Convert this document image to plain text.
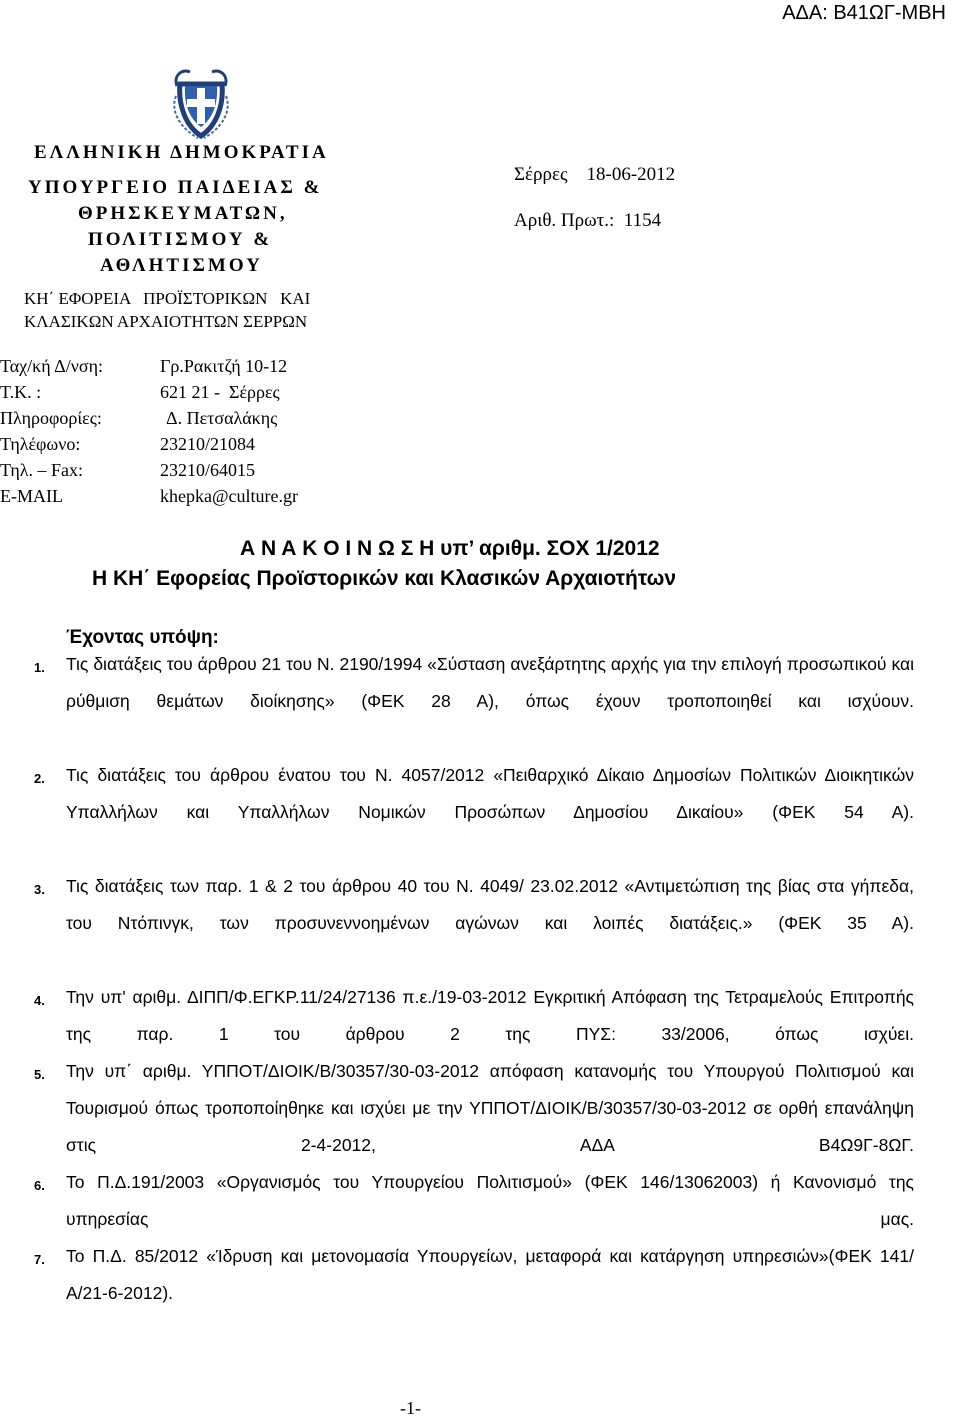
ΑΔΑ: Β41ΩΓ-ΜΒΗ
ΕΛΛΗΝΙΚΗ ΔΗΜΟΚΡΑΤΙΑ
ΥΠΟΥΡΓΕΙΟ ΠΑΙΔΕΙΑΣ &
ΘΡΗΣΚΕΥΜΑΤΩΝ,
ΠΟΛΙΤΙΣΜΟΥ &
ΑΘΛΗΤΙΣΜΟΥ
ΚΗ΄ ΕΦΟΡΕΙΑ   ΠΡΟΪΣΤΟΡΙΚΩΝ   ΚΑΙ
ΚΛΑΣΙΚΩΝ ΑΡΧΑΙΟΤΗΤΩΝ ΣΕΡΡΩΝ
Σέρρες    18-06-2012
Αριθ. Πρωτ.:  1154
Ταχ/κή Δ/νση:	Γρ.Ρακιτζή 10-12
Τ.Κ. :	621 21 -  Σέρρες
Πληροφορίες:	Δ. Πετσαλάκης
Τηλέφωνο:	23210/21084
Τηλ. – Fax:	23210/64015
E-MAIL	khepka@culture.gr
Α Ν Α Κ Ο Ι Ν Ω Σ Η υπ’ αριθμ. ΣΟΧ 1/2012
Η ΚΗ΄ Εφορείας Προϊστορικών και Κλασικών Αρχαιοτήτων
Έχοντας υπόψη:
1. Τις διατάξεις του άρθρου 21 του Ν. 2190/1994 «Σύσταση ανεξάρτητης αρχής για την επιλογή προσωπικού και ρύθμιση θεμάτων διοίκησης» (ΦΕΚ 28 Α), όπως έχουν τροποποιηθεί και ισχύουν.
2. Τις διατάξεις του άρθρου ένατου του Ν. 4057/2012 «Πειθαρχικό Δίκαιο Δημοσίων Πολιτικών Διοικητικών Υπαλλήλων και Υπαλλήλων Νομικών Προσώπων Δημοσίου Δικαίου» (ΦΕΚ 54 Α).
3. Τις διατάξεις των παρ. 1 & 2 του άρθρου 40 του Ν. 4049/ 23.02.2012 «Αντιμετώπιση της βίας στα γήπεδα, του Ντόπινγκ, των προσυνεννοημένων αγώνων και λοιπές διατάξεις.» (ΦΕΚ 35 Α).
4. Την υπ' αριθμ. ΔΙΠΠ/Φ.ΕΓΚΡ.11/24/27136 π.ε./19-03-2012 Εγκριτική Απόφαση της Τετραμελούς Επιτροπής της παρ. 1 του άρθρου 2 της ΠΥΣ: 33/2006, όπως ισχύει.
5. Την υπ΄ αριθμ. ΥΠΠΟΤ/ΔΙΟΙΚ/Β/30357/30-03-2012 απόφαση κατανομής του Υπουργού Πολιτισμού και Τουρισμού όπως τροποποίηθηκε και ισχύει με την ΥΠΠΟΤ/ΔΙΟΙΚ/Β/30357/30-03-2012 σε ορθή επανάληψη στις 2-4-2012, ΑΔΑ Β4Ω9Γ-8ΩΓ.
6. Το Π.Δ.191/2003 «Οργανισμός του Υπουργείου Πολιτισμού» (ΦΕΚ 146/13062003) ή Κανονισμό της υπηρεσίας μας.
7. Το Π.Δ. 85/2012 «Ίδρυση και μετονομασία Υπουργείων, μεταφορά και κατάργηση υπηρεσιών»(ΦΕΚ 141/Α/21-6-2012).
-1-
